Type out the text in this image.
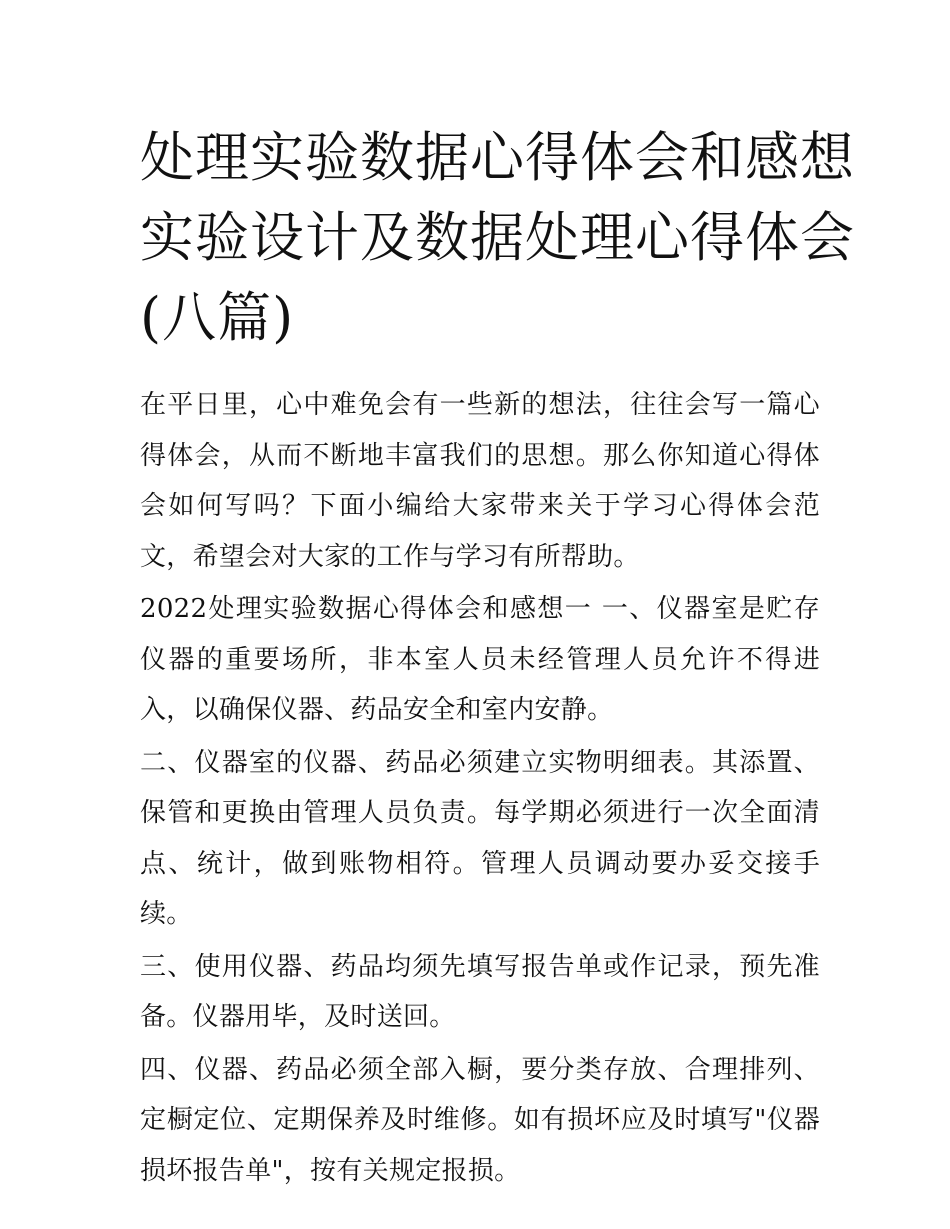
处理实验数据心得体会和感想
实验设计及数据处理心得体会
(八篇)

在平日里，心中难免会有一些新的想法，往往会写一篇心得体会，从而不断地丰富我们的思想。那么你知道心得体会如何写吗？下面小编给大家带来关于学习心得体会范文，希望会对大家的工作与学习有所帮助。

2022处理实验数据心得体会和感想一 一、仪器室是贮存仪器的重要场所，非本室人员未经管理人员允许不得进入，以确保仪器、药品安全和室内安静。

二、仪器室的仪器、药品必须建立实物明细表。其添置、保管和更换由管理人员负责。每学期必须进行一次全面清点、统计，做到账物相符。管理人员调动要办妥交接手续。

三、使用仪器、药品均须先填写报告单或作记录，预先准备。仪器用毕，及时送回。

四、仪器、药品必须全部入橱，要分类存放、合理排列、定橱定位、定期保养及时维修。如有损坏应及时填写"仪器损坏报告单"，按有关规定报损。
